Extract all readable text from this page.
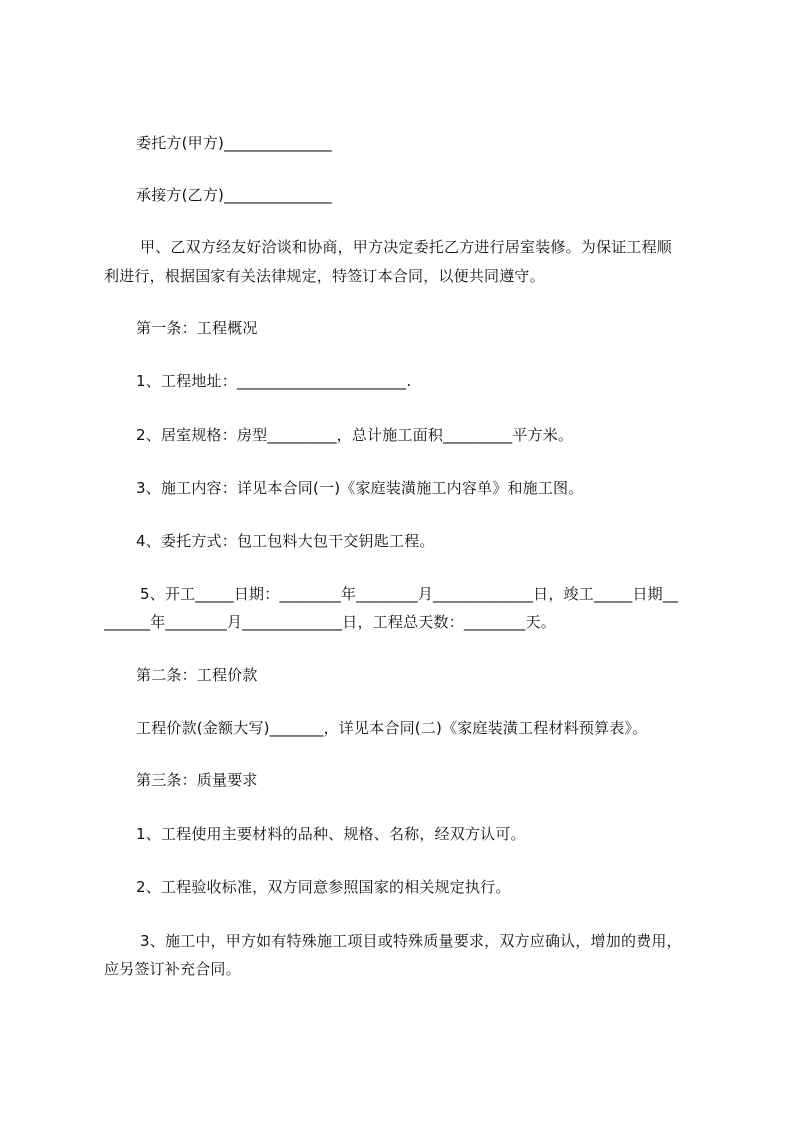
委托方(甲方)______________
承接方(乙方)______________
甲、乙双方经友好洽谈和协商，甲方决定委托乙方进行居室装修。为保证工程顺
利进行，根据国家有关法律规定，特签订本合同，以便共同遵守。
第一条：工程概况
1、工程地址：______________________.
2、居室规格：房型_________，总计施工面积_________平方米。
3、施工内容：详见本合同(一)《家庭装潢施工内容单》和施工图。
4、委托方式：包工包料大包干交钥匙工程。
5、开工_____日期：________年________月_____________日，竣工_____日期__
______年________月_____________日，工程总天数：________天。
第二条：工程价款
工程价款(金额大写)_______，详见本合同(二)《家庭装潢工程材料预算表》。
第三条：质量要求
1、工程使用主要材料的品种、规格、名称，经双方认可。
2、工程验收标准，双方同意参照国家的相关规定执行。
3、施工中，甲方如有特殊施工项目或特殊质量要求，双方应确认，增加的费用，
应另签订补充合同。
